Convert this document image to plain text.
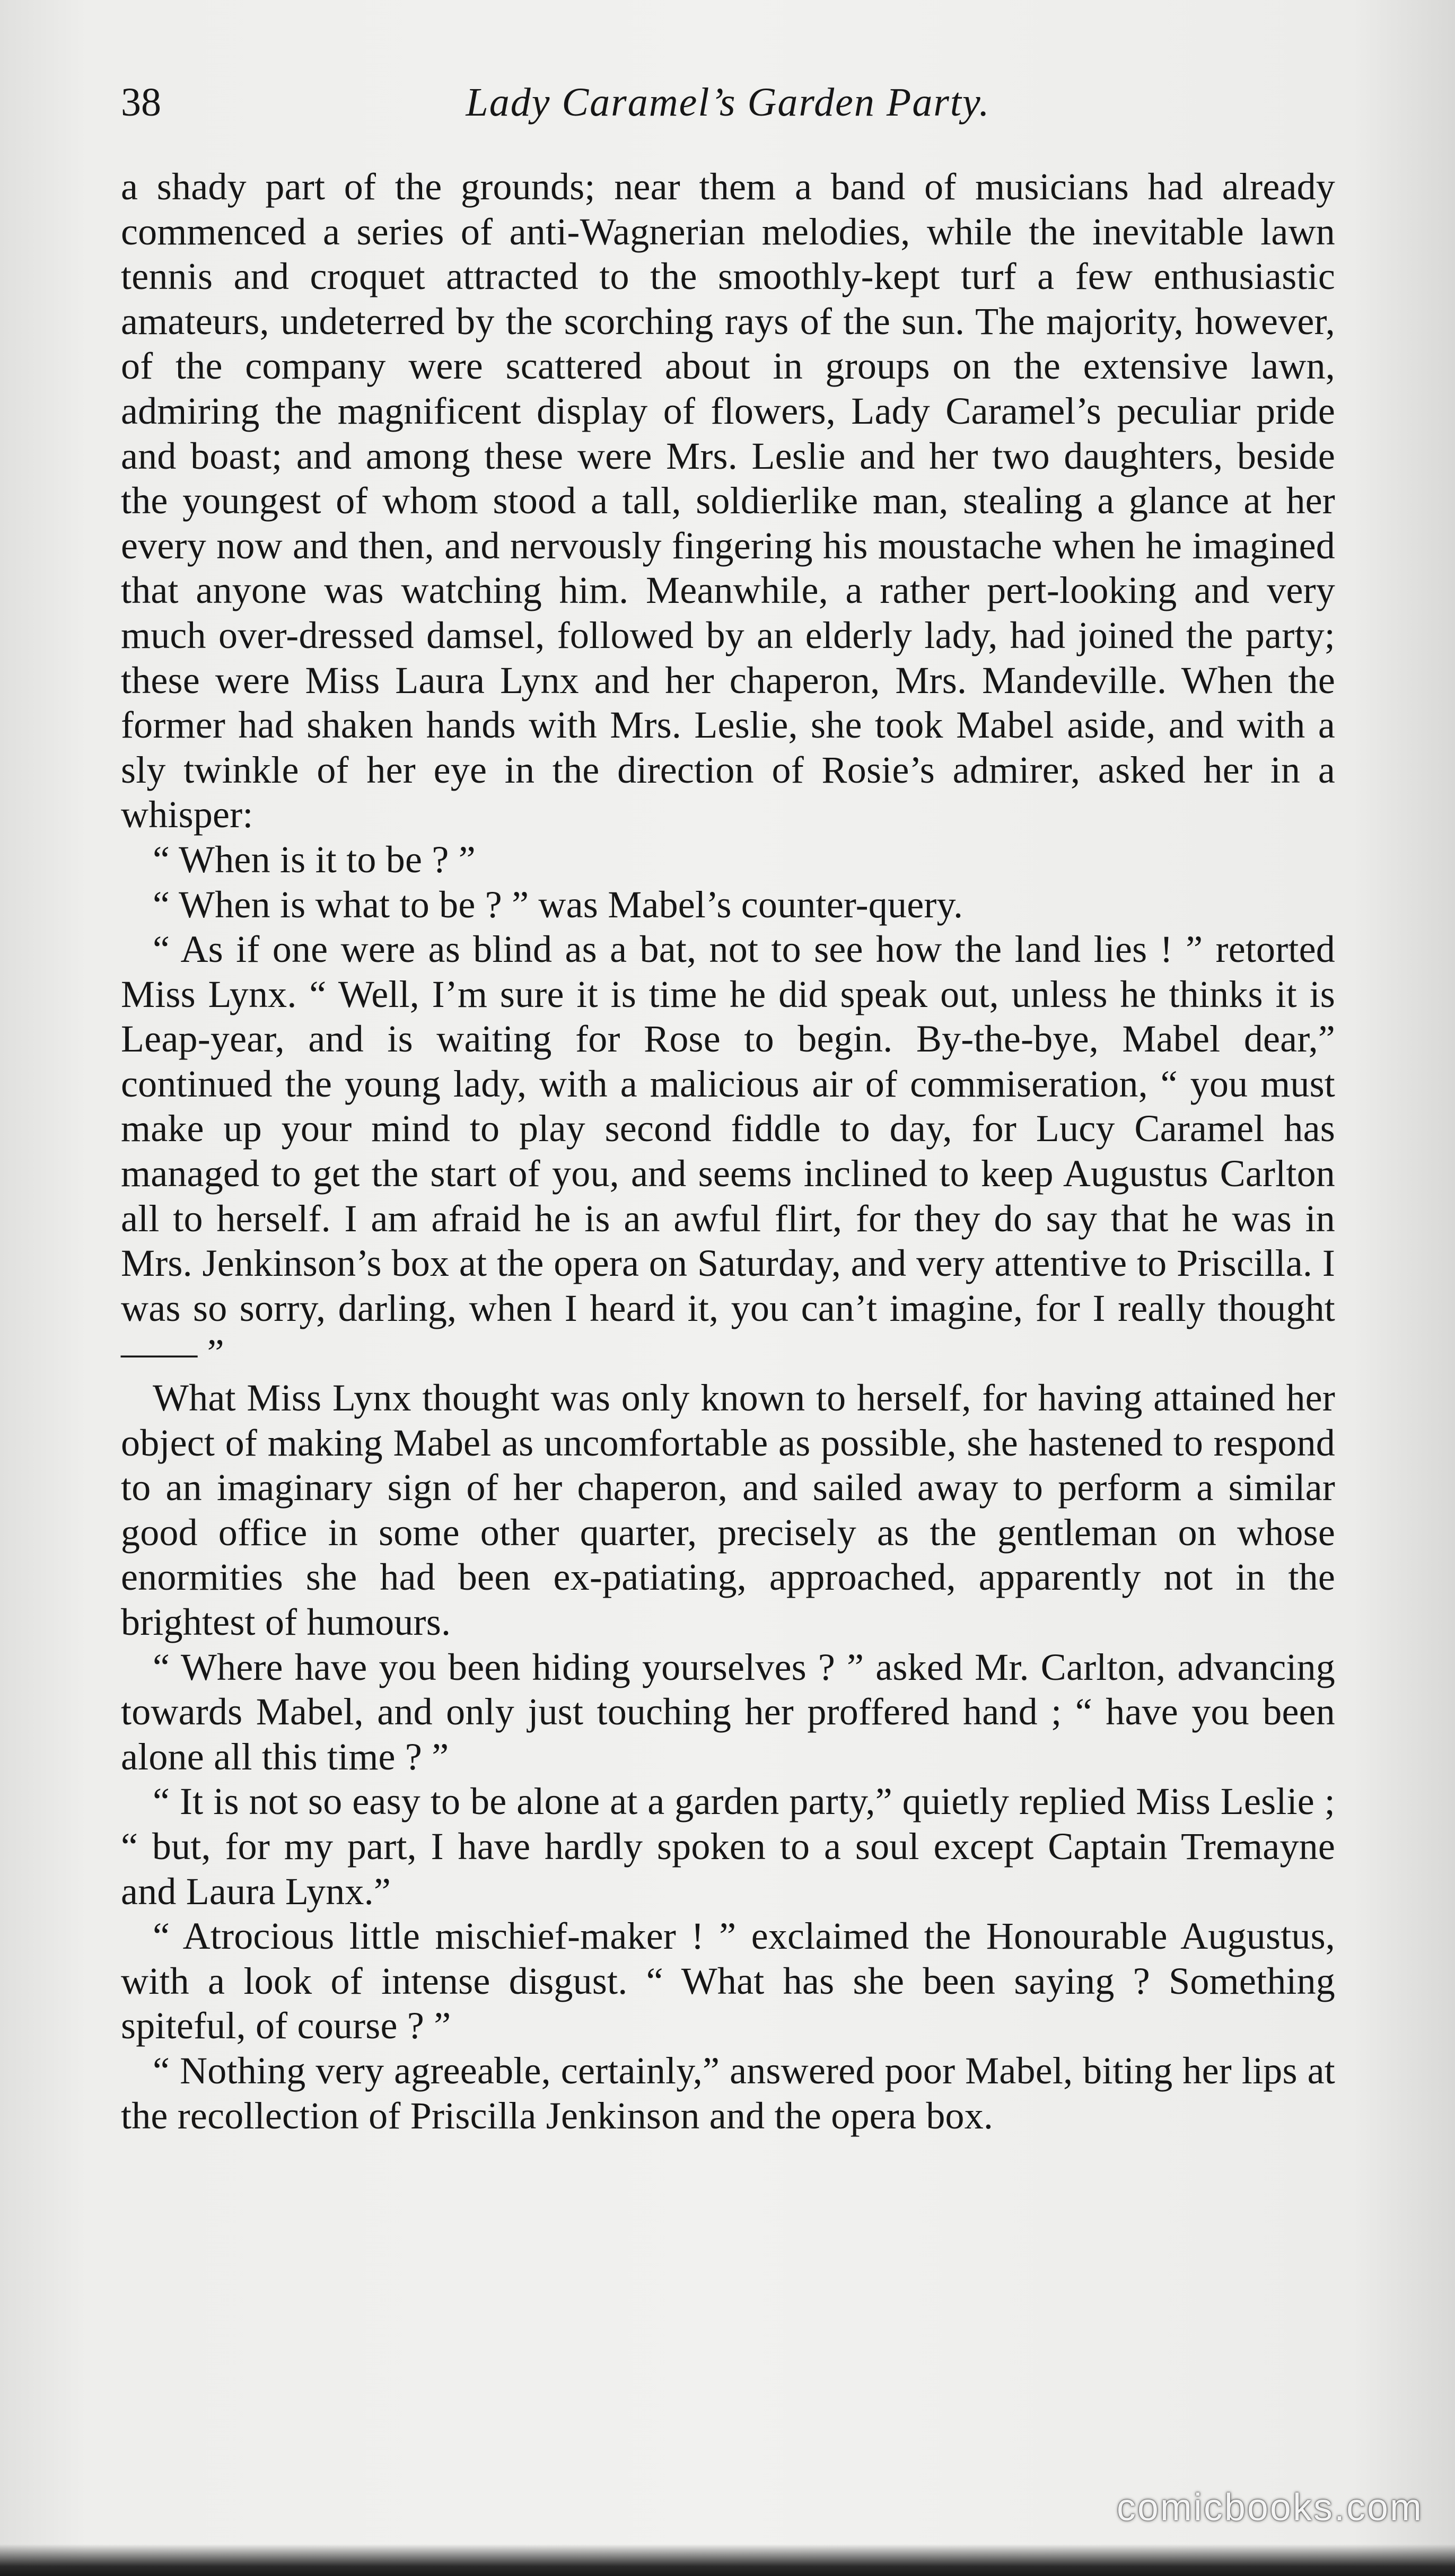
38	Lady Caramel’s Garden Party.

a shady part of the grounds; near them a band of musicians had already commenced a series of anti-Wagnerian melodies, while the inevitable lawn tennis and croquet attracted to the smoothly-kept turf a few enthusiastic amateurs, undeterred by the scorching rays of the sun. The majority, however, of the company were scattered about in groups on the extensive lawn, admiring the magnificent display of flowers, Lady Caramel’s peculiar pride and boast; and among these were Mrs. Leslie and her two daughters, beside the youngest of whom stood a tall, soldierlike man, stealing a glance at her every now and then, and nervously fingering his moustache when he imagined that anyone was watching him. Meanwhile, a rather pert-looking and very much over-dressed damsel, followed by an elderly lady, had joined the party; these were Miss Laura Lynx and her chaperon, Mrs. Mandeville. When the former had shaken hands with Mrs. Leslie, she took Mabel aside, and with a sly twinkle of her eye in the direction of Rosie’s admirer, asked her in a whisper:

“ When is it to be ? ”

“ When is what to be ? ” was Mabel’s counter-query.

“ As if one were as blind as a bat, not to see how the land lies ! ” retorted Miss Lynx. “ Well, I’m sure it is time he did speak out, unless he thinks it is Leap-year, and is waiting for Rose to begin. By-the-bye, Mabel dear,” continued the young lady, with a malicious air of commiseration, “ you must make up your mind to play second fiddle to day, for Lucy Caramel has managed to get the start of you, and seems inclined to keep Augustus Carlton all to herself. I am afraid he is an awful flirt, for they do say that he was in Mrs. Jenkinson’s box at the opera on Saturday, and very attentive to Priscilla. I was so sorry, darling, when I heard it, you can’t imagine, for I really thought —— ”

What Miss Lynx thought was only known to herself, for having attained her object of making Mabel as uncomfortable as possible, she hastened to respond to an imaginary sign of her chaperon, and sailed away to perform a similar good office in some other quarter, precisely as the gentleman on whose enormities she had been ex-patiating, approached, apparently not in the brightest of humours.

“ Where have you been hiding yourselves ? ” asked Mr. Carlton, advancing towards Mabel, and only just touching her proffered hand ; “ have you been alone all this time ? ”

“ It is not so easy to be alone at a garden party,” quietly replied Miss Leslie ; “ but, for my part, I have hardly spoken to a soul except Captain Tremayne and Laura Lynx.”

“ Atrocious little mischief-maker ! ” exclaimed the Honourable Augustus, with a look of intense disgust. “ What has she been saying ? Something spiteful, of course ? ”

“ Nothing very agreeable, certainly,” answered poor Mabel, biting her lips at the recollection of Priscilla Jenkinson and the opera box.

comicbooks.com
